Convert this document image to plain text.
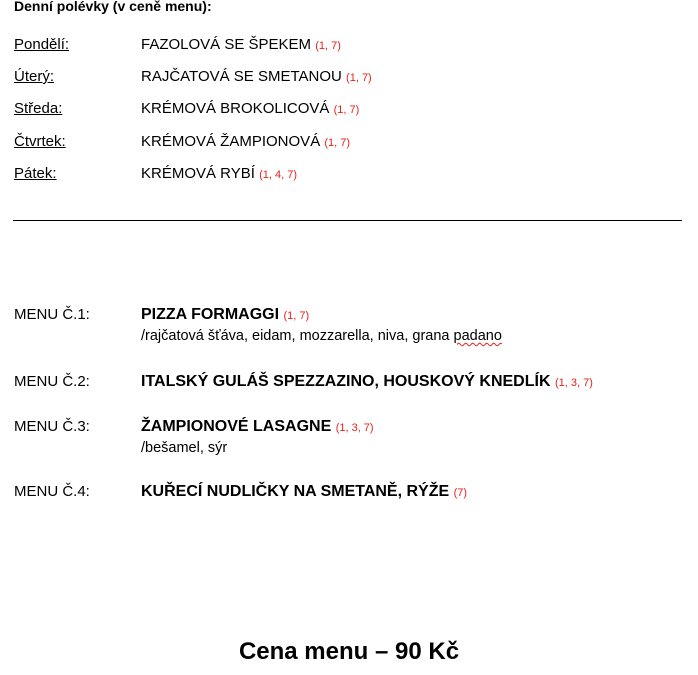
Denní polévky (v ceně menu):
Pondělí:	FAZOLOVÁ SE ŠPEKEM (1, 7)
Úterý:	RAJČATOVÁ SE SMETANOU (1, 7)
Středa:	KRÉMOVÁ BROKOLICOVÁ (1, 7)
Čtvrtek:	KRÉMOVÁ ŽAMPIONOVÁ (1, 7)
Pátek:	KRÉMOVÁ RYBÍ (1, 4, 7)
MENU Č.1:	PIZZA FORMAGGI (1, 7)
/rajčatová šťáva, eidam, mozzarella, niva, grana padano
MENU Č.2:	ITALSKÝ GULÁŠ SPEZZAZINO, HOUSKOVÝ KNEDLÍK (1, 3, 7)
MENU Č.3:	ŽAMPIONOVÉ LASAGNE (1, 3, 7)
/bešamel, sýr
MENU Č.4:	KUŘECÍ NUDLIČKY NA SMETANĚ, RÝŽE (7)
Cena menu – 90 Kč
